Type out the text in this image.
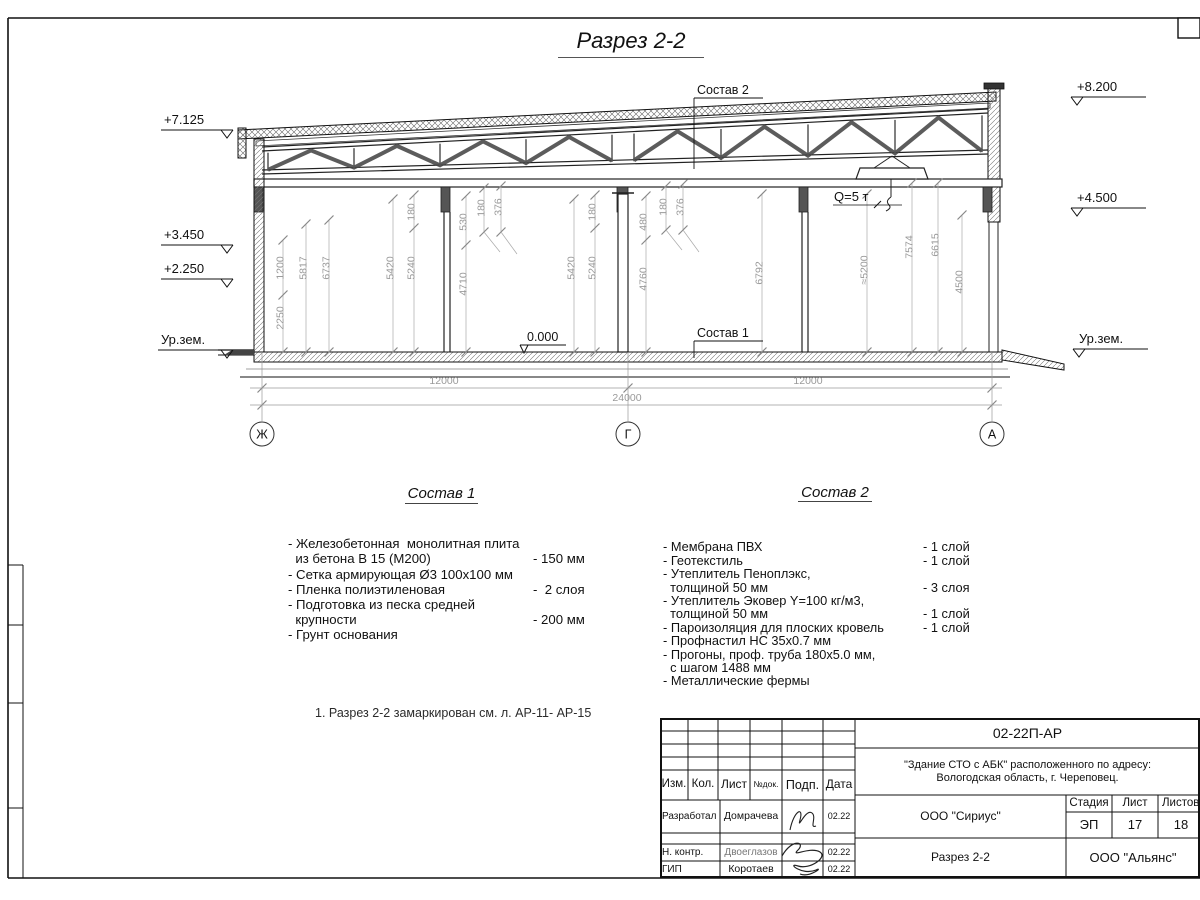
12000	12000
24000
Ж	Г	А
+7.125
+3.450
+2.250
Ур.зем.
+8.200
+4.500
Ур.зем.
0.000
Состав 2
Состав 1
Q=5 т
1200
2250
5817 6737	5420 5240
180
530
180 376
4710
5420 5240
180
480
180 376
4760	6792	≈5200
7574 6615
4500
Разрез 2-2
Состав 1
- Железобетонная  монолитная плита
из бетона В 15 (М200)	- 150 мм
- Сетка армирующая Ø3 100х100 мм
- Пленка полиэтиленовая	-  2 слоя
- Подготовка из песка средней
крупности	- 200 мм
- Грунт основания
Состав 2
- Мембрана ПВХ	- 1 слой
- Геотекстиль	- 1 слой
- Утеплитель Пеноплэкс,
толщиной 50 мм	- 3 слоя
- Утеплитель Эковер Y=100 кг/м3,
толщиной 50 мм	- 1 слой
- Пароизоляция для плоских кровель	- 1 слой
- Профнастил НС 35х0.7 мм
- Прогоны, проф. труба 180х5.0 мм,
с шагом 1488 мм
- Металлические фермы
1. Разрез 2-2 замаркирован см. л. АР-11- АР-15
Изм. Кол. Лист №док. Подп. Дата
Разработал Домрачева	02.22
Н. контр.	Двоеглазов	02.22
ГИП	Коротаев	02.22
02-22П-АР
"Здание СТО с АБК" расположенного по адресу:
Вологодская область, г. Череповец.
ООО "Сириус"
Разрез 2-2
Стадия	Лист	Листов
ЭП	17	18
ООО "Альянс"
